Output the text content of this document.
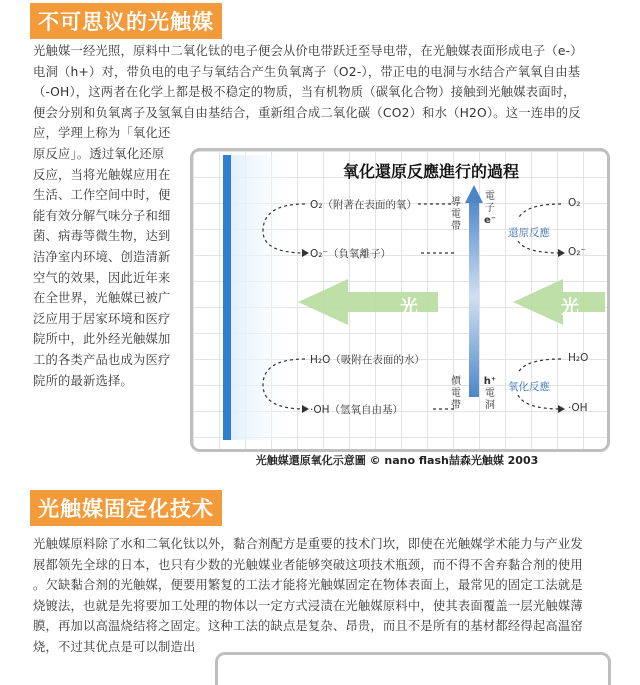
不可思议的光触媒
光触媒一经光照，原料中二氧化钛的电子便会从价电带跃迁至导电带，在光触媒表面形成电子（e-）
电洞（h+）对，带负电的电子与氧结合产生负氧离子（O2-），带正电的电洞与水结合产氧氧自由基
（-OH），这两者在化学上都是极不稳定的物质，当有机物质（碳氧化合物）接触到光触媒表面时，
便会分别和负氧离子及氢氧自由基结合，重新组合成二氧化碳（CO2）和水（H2O）。这一连串的反
应，学理上称为「氧化还
原反应」。透过氧化还原
反应，当将光触媒应用在
生活、工作空间中时，便
能有效分解气味分子和细
菌、病毒等微生物，达到
洁净室内环境、创造清新
空气的效果，因此近年来
在全世界，光触媒已被广
泛应用于居家环境和医疗
院所中，此外经光触媒加
工的各类产品也成为医疗
院所的最新选择。
氧化還原反應進行的過程
O₂（附著在表面的氧）	O₂
O₂⁻（負氧離子）	O₂⁻
導
電
帶
電
子
e⁻
還原反應
光	光
H₂O（吸附在表面的水）	H₂O
氧化反應
h⁺
電
洞
價
電
帶
·OH（氫氧自由基）	·OH
光触媒還原氧化示意圖 © nano flash喆森光触媒 2003
光触媒固定化技术
光触媒原料除了水和二氧化钛以外，黏合剂配方是重要的技术门坎，即使在光触媒学术能力与产业发
展都领先全球的日本，也只有少数的光触媒业者能够突破这项技术瓶颈，而不得不舍弃黏合剂的使用
。欠缺黏合剂的光触媒，便要用繁复的工法才能将光触媒固定在物体表面上，最常见的固定工法就是
烧镀法，也就是先将要加工处理的物体以一定方式浸渍在光触媒原料中，使其表面覆盖一层光触媒薄
膜，再加以高温烧结将之固定。这种工法的缺点是复杂、昂贵，而且不是所有的基材都经得起高温窑
烧，不过其优点是可以制造出
